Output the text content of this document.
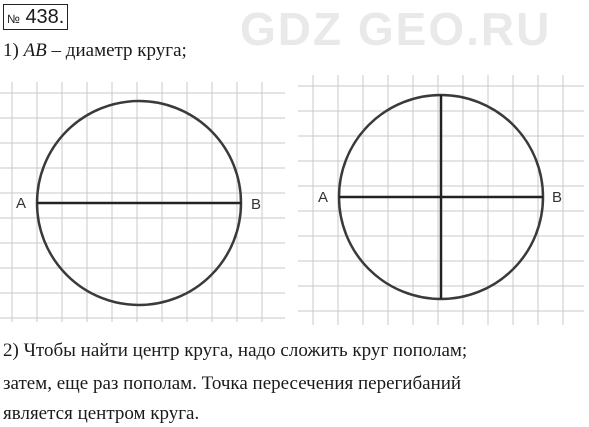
GDZ GEO.RU
№ 438.
1) AB – диаметр круга;
A	B	A	B
2) Чтобы найти центр круга, надо сложить круг пополам;
затем, еще раз пополам. Точка пересечения перегибаний
является центром круга.
